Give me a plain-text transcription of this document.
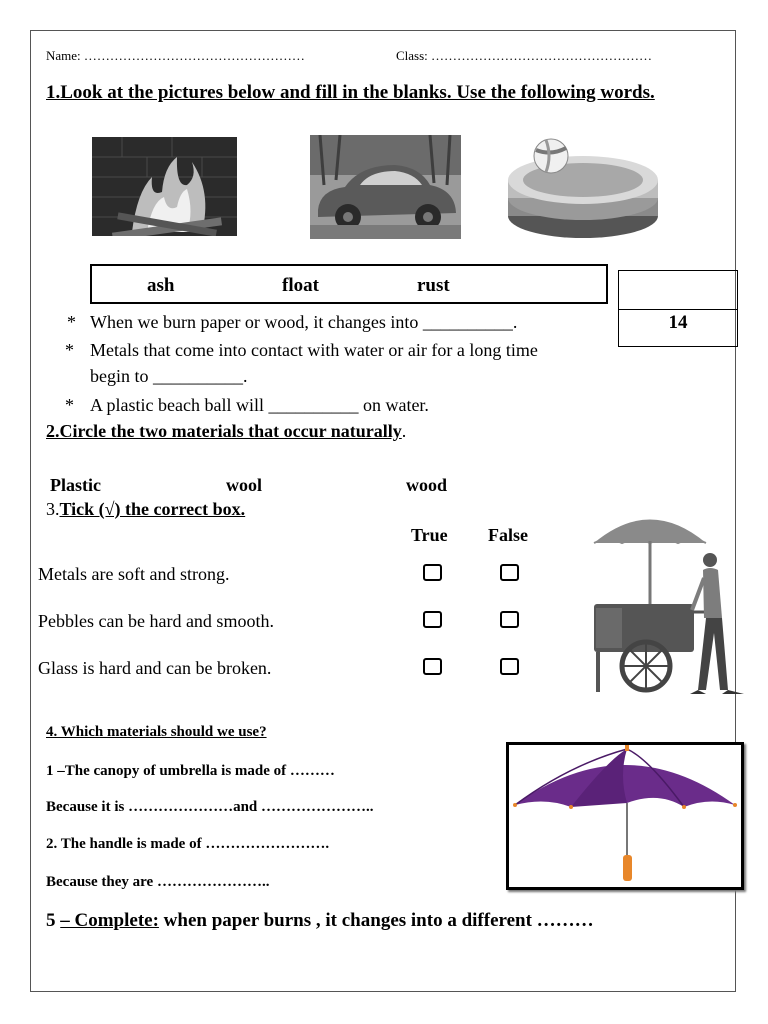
Name: ……………………………………………	Class: ……………………………………………
1.Look at the pictures below and fill in the blanks. Use the following words.
ash	float	rust
14
* When we burn paper or wood, it changes into __________.
* Metals that come into contact with water or air for a long time
begin to __________.
* A plastic beach ball will __________ on water.
2.Circle the two materials that occur naturally.
Plastic	wool	wood
3.Tick (√) the correct box.
True False
Metals are soft and strong.
Pebbles can be hard and smooth.
Glass is hard and can be broken.
4. Which materials should we use?
1 –The canopy of umbrella is made of ………
Because it is …………………and …………………..
2. The handle is made of …………………….
Because they are …………………..
5 – Complete: when paper burns , it changes into a different ………
